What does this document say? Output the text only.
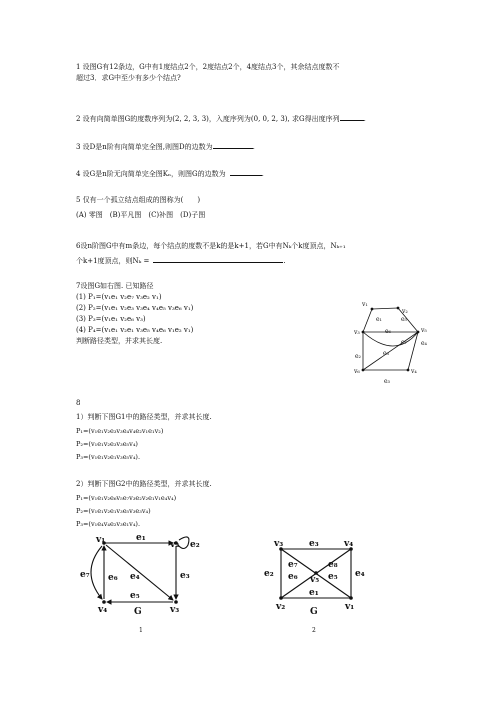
1 设图G有12条边，G中有1度结点2个，2度结点2个，4度结点3个，其余结点度数不
超过3．求G中至少有多少个结点?
2 设有向简单图G的度数序列为(2, 2, 3, 3)，入度序列为(0, 0, 2, 3), 求G得出度序列	.
3 设D是n阶有向简单完全图,则图D的边数为	.
4 设G是n阶无向简单完全图Kₙ，则图G的边数为	.
5 仅有一个孤立结点组成的图称为(　　)
(A) 零图　(B)平凡图　(C)补图　(D)子图
6设n阶图G中有m条边，每个结点的度数不是k的是k+1，若G中有Nₖ个k度顶点，Nₖ₊₁
个k+1度顶点，则Nₖ =	.
7设图G如右图. 已知路径
(1) P₁=(v₁e₁ v₂e₇ v₃e₂ v₁)
(2) P₂=(v₁e₁ v₂e₃ v₃e₄ v₄e₅ v₃e₆ v₁)
(3) P₃=(v₁e₁ v₂e₆ v₃)
(4) P₄=(v₁e₁ v₂e₁ v₃e₅ v₄e₆ v₁e₂ v₁)
判断路径类型，并求其长度.
v₁
v₂
v₃	v₅
v₆	v₄
e₁	e₅
e₆
e₄
e₇
e₈
e₂
e₃
8
1）判断下图G1中的路径类型，并求其长度.
P₁=(v₁e₁v₂e₃v₃e₄v₄e₂v₁e₁v₂)
P₂=(v₁e₁v₂e₃v₃e₅v₄)
P₃=(v₁e₁v₂e₁v₃e₅v₄).
2）判断下图G2中的路径类型，并求其长度.
P₁=(v₁e₁v₂e₆v₅e₇v₃e₂v₂e₁v₁e₄v₄)
P₂=(v₁e₁v₂e₁v₃e₅v₃e₃v₄)
P₃=(v₁e₄v₄e₂v₃e₁v₄).
v₁	v₂
v₃
v₄
e₁
e₂
e₃
e₄
e₅
e₆
e₇
G
1
v₃	v₄
v₂	v₁
v₅
e₃
e₂	e₄
e₁
e₇
e₆
e₈
e₅
G
2
